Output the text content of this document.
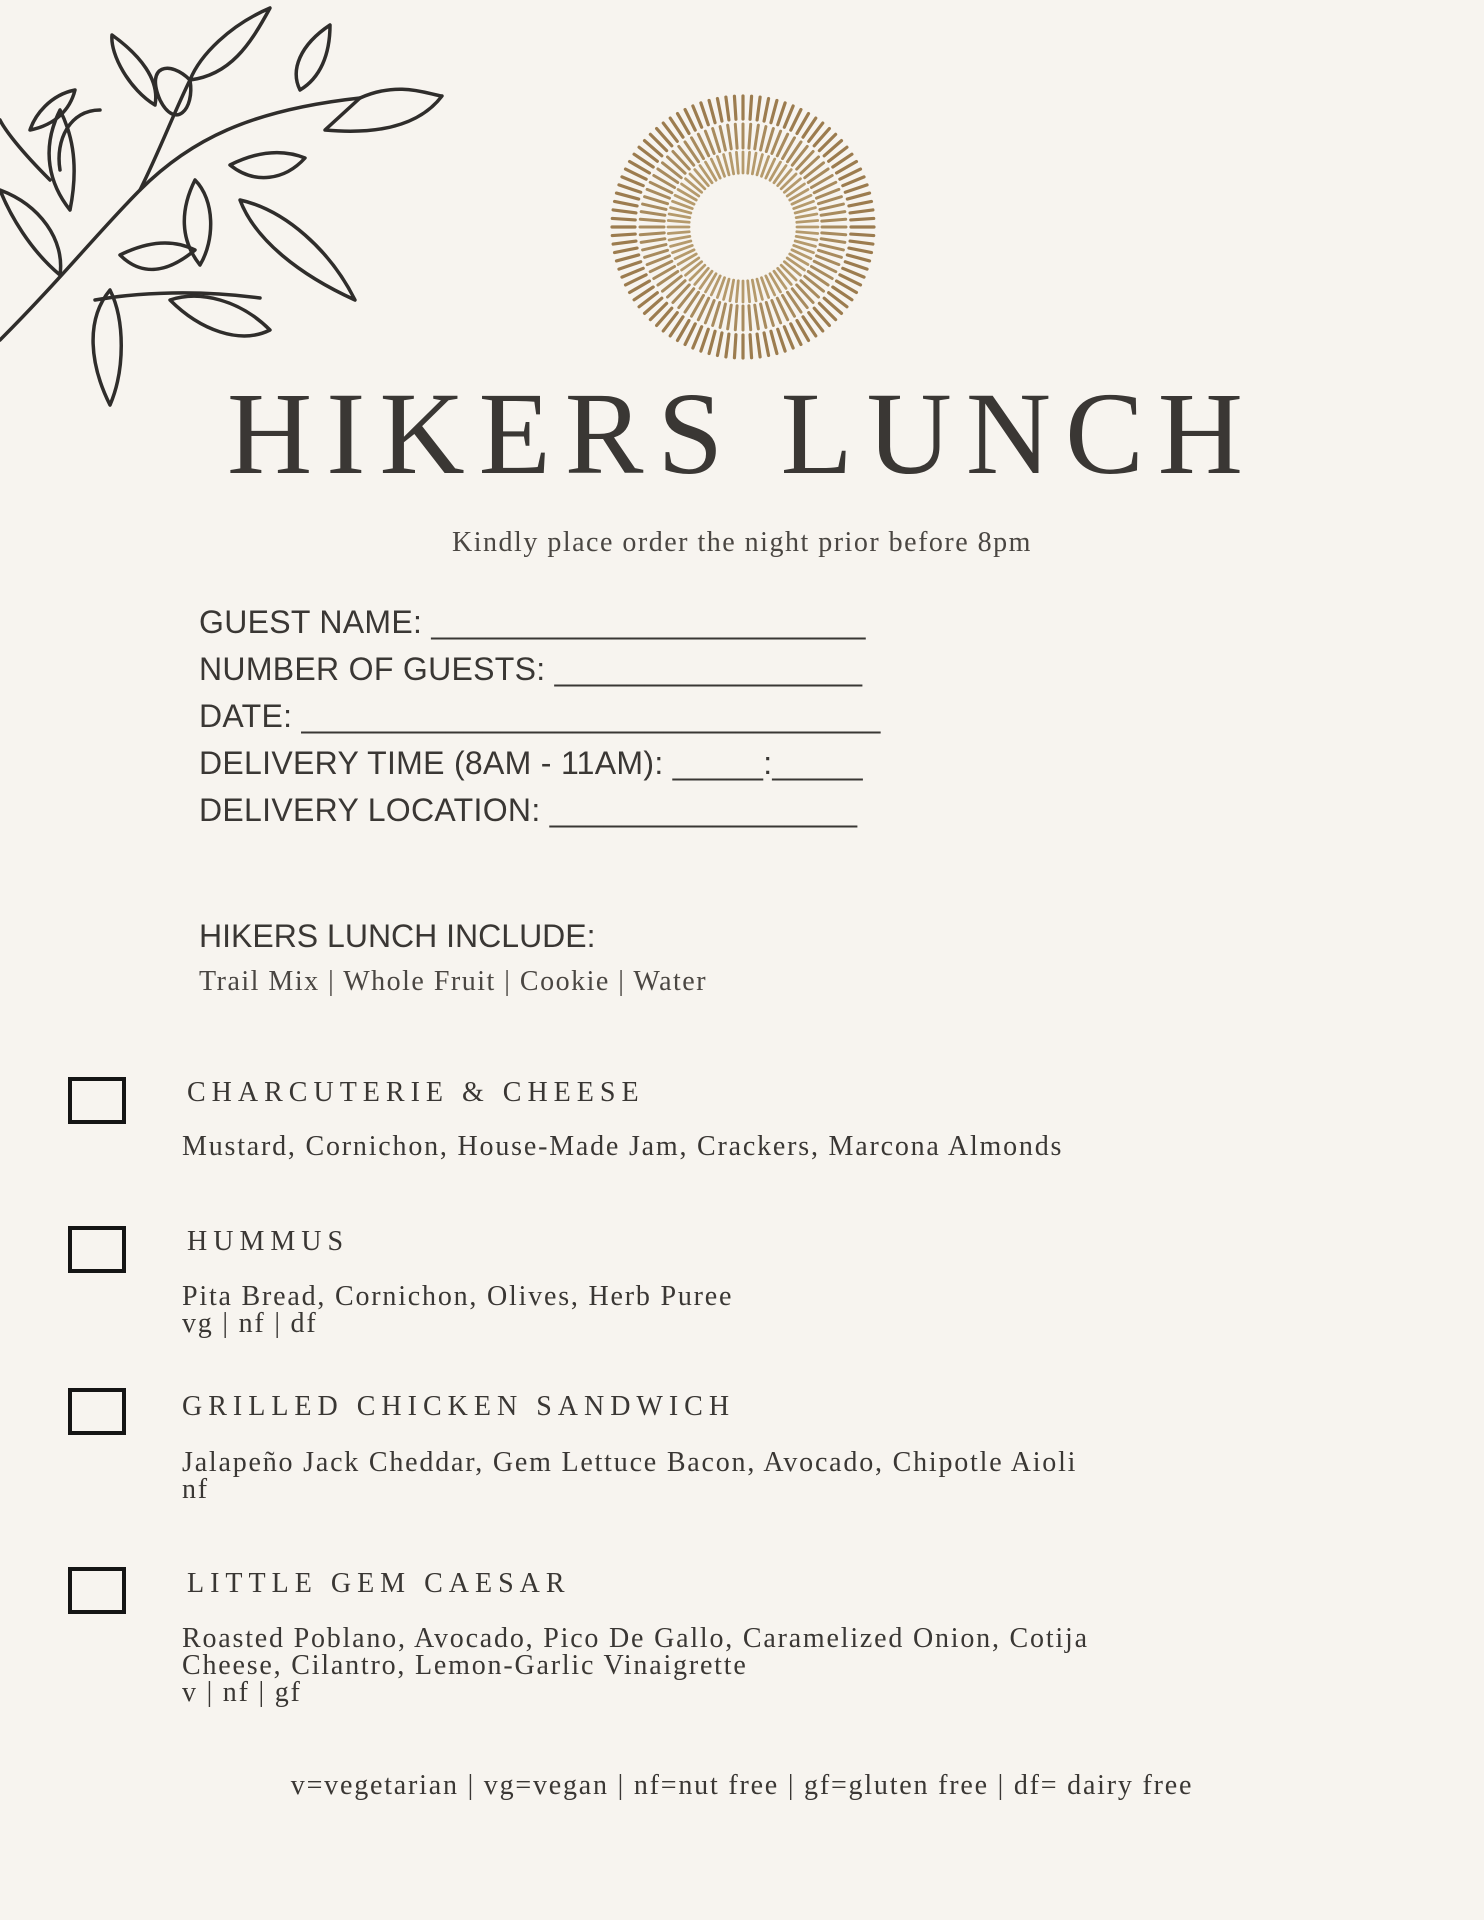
HIKERS LUNCH
Kindly place order the night prior before 8pm
GUEST NAME: ________________________
NUMBER OF GUESTS: _________________
DATE: ________________________________
DELIVERY TIME (8AM - 11AM): _____:_____
DELIVERY LOCATION: _________________
HIKERS LUNCH INCLUDE:
Trail Mix | Whole Fruit | Cookie | Water
CHARCUTERIE & CHEESE
Mustard, Cornichon, House-Made Jam, Crackers, Marcona Almonds
HUMMUS
Pita Bread, Cornichon, Olives, Herb Puree
vg | nf | df
GRILLED CHICKEN SANDWICH
Jalapeño Jack Cheddar, Gem Lettuce Bacon, Avocado, Chipotle Aioli
nf
LITTLE GEM CAESAR
Roasted Poblano, Avocado, Pico De Gallo, Caramelized Onion, Cotija
Cheese, Cilantro, Lemon-Garlic Vinaigrette
v | nf | gf
v=vegetarian | vg=vegan | nf=nut free | gf=gluten free | df= dairy free
